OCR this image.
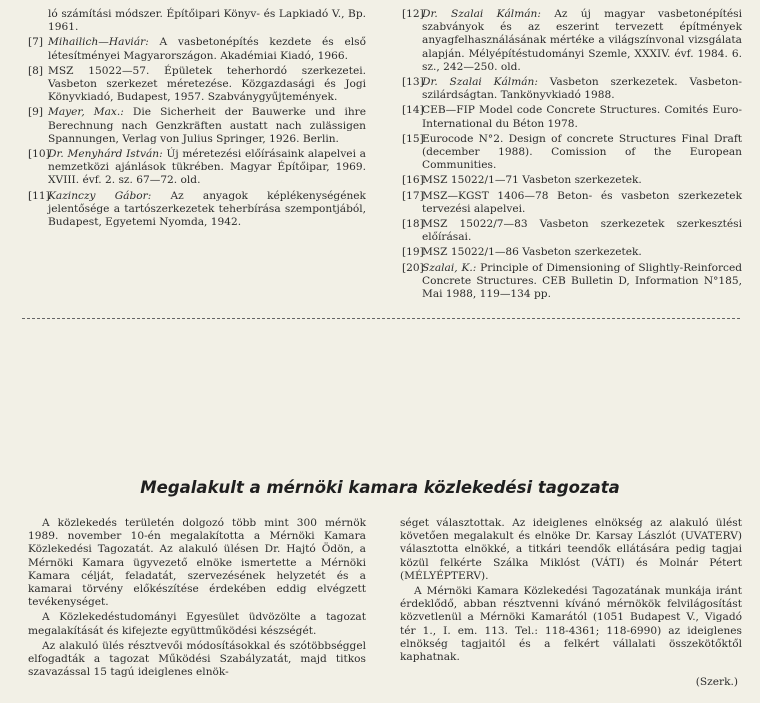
ló számítási módszer. Építőipari Könyv- és Lapkiadó V., Bp. 1961.
[7] Mihailich—Haviár: A vasbetonépítés kezdete és első létesítményei Magyarországon. Akadémiai Kiadó, 1966.
[8] MSZ 15022—57. Épületek teherhordó szerkezetei. Vasbeton szerkezet méretezése. Közgazdasági és Jogi Könyvkiadó, Budapest, 1957. Szabványgyűjtemények.
[9] Mayer, Max.: Die Sicherheit der Bauwerke und ihre Berechnung nach Genzkräften austatt nach zulässigen Spannungen, Verlag von Julius Springer, 1926. Berlin.
[10]
Dr. Menyhárd István: Új méretezési előírásaink alapelvei a nemzetközi ajánlások tükrében. Magyar Építőipar, 1969. XVIII. évf. 2. sz. 67—72. old.
[11]
Kazinczy Gábor: Az anyagok képlékenységének jelentősége a tartószerkezetek teherbírása szempontjából, Budapest, Egyetemi Nyomda, 1942.
[12]
Dr. Szalai Kálmán: Az új magyar vasbetonépítési szabványok és az eszerint tervezett építmények anyagfelhasználásának mértéke a világszínvonal vizsgálata alapján. Mélyépítéstudományi Szemle, XXXIV. évf. 1984. 6. sz., 242—250. old.
[13]
Dr. Szalai Kálmán: Vasbeton szerkezetek. Vasbeton-szilárdságtan. Tankönyvkiadó 1988.
[14]
CEB—FIP Model code Concrete Structures. Comités Euro-International du Béton 1978.
[15]
Eurocode N°2. Design of concrete Structures Final Draft (december 1988). Comission of the European Communities.
[16]
MSZ 15022/1—71 Vasbeton szerkezetek.
[17]
MSZ—KGST 1406—78 Beton- és vasbeton szerkezetek tervezési alapelvei.
[18]
MSZ 15022/7—83 Vasbeton szerkezetek szerkesztési előírásai.
[19]
MSZ 15022/1—86 Vasbeton szerkezetek.
[20]
Szalai, K.: Principle of Dimensioning of Slightly-Reinforced Concrete Structures. CEB Bulletin D, Information N°185, Mai 1988, 119—134 pp.
Megalakult a mérnöki kamara közlekedési tagozata

A közlekedés területén dolgozó több mint 300 mérnök 1989. november 10-én megalakította a Mérnöki Kamara Közlekedési Tagozatát. Az alakuló ülésen Dr. Hajtó Ödön, a Mérnöki Kamara ügyvezető elnöke ismertette a Mérnöki Kamara célját, feladatát, szervezésének helyzetét és a kamarai törvény előkészítése érdekében eddig elvégzett tevékenységet.

A Közlekedéstudományi Egyesület üdvözölte a tagozat megalakítását és kifejezte együttműködési készségét.

Az alakuló ülés résztvevői módosításokkal és szótöbbséggel elfogadták a tagozat Működési Szabályzatát, majd titkos szavazással 15 tagú ideiglenes elnök-

séget választottak. Az ideiglenes elnökség az alakuló ülést követően megalakult és elnöke Dr. Karsay Lászlót (UVATERV) választotta elnökké, a titkári teendők ellátására pedig tagjai közül felkérte Szálka Miklóst (VÁTI) és Molnár Pétert (MÉLYÉPTERV).

A Mérnöki Kamara Közlekedési Tagozatának munkája iránt érdeklődő, abban résztvenni kívánó mérnökök felvilágosítást közvetlenül a Mérnöki Kamarától (1051 Budapest V., Vigadó tér 1., I. em. 113. Tel.: 118-4361; 118-6990) az ideiglenes elnökség tagjaitól és a felkért vállalati összekötőktől kaphatnak.

(Szerk.)
